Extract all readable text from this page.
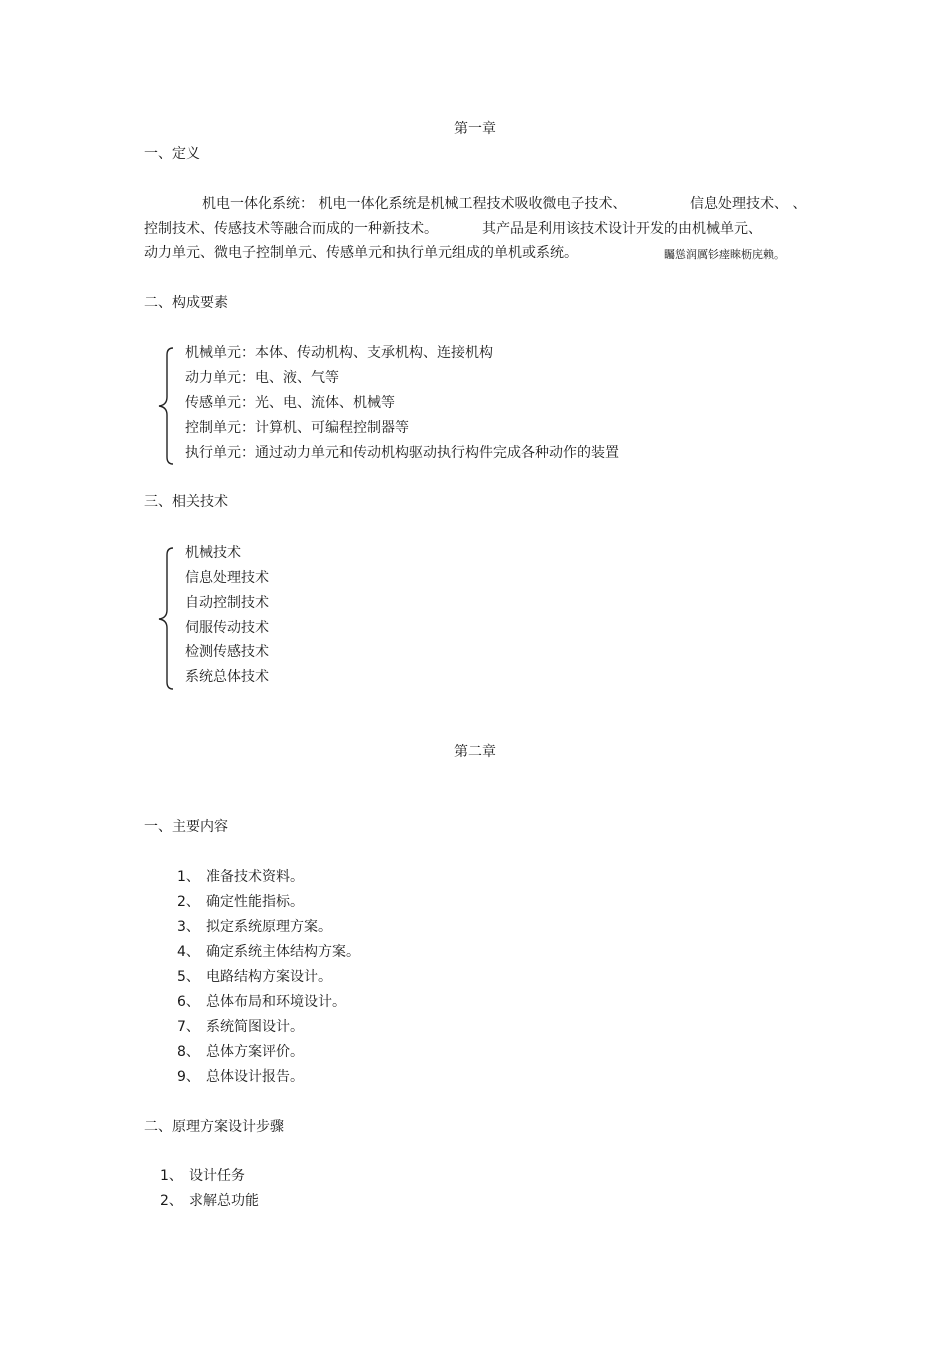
第一章
一、定义
机电一体化系统： 机电一体化系统是机械工程技术吸收微电子技术、	信息处理技术、 、
控制技术、传感技术等融合而成的一种新技术。	其产品是利用该技术设计开发的由机械单元、
动力单元、微电子控制单元、传感单元和执行单元组成的单机或系统。	矚慫润厲钐瘗睞枥庑赖。
二、构成要素
机械单元：本体、传动机构、支承机构、连接机构
动力单元：电、液、气等
传感单元：光、电、流体、机械等
控制单元：计算机、可编程控制器等
执行单元：通过动力单元和传动机构驱动执行构件完成各种动作的装置
三、相关技术
机械技术
信息处理技术
自动控制技术
伺服传动技术
检测传感技术
系统总体技术
第二章
一、主要内容
1、 准备技术资料。
2、 确定性能指标。
3、 拟定系统原理方案。
4、 确定系统主体结构方案。
5、 电路结构方案设计。
6、 总体布局和环境设计。
7、 系统简图设计。
8、 总体方案评价。
9、 总体设计报告。
二、原理方案设计步骤
1、 设计任务
2、 求解总功能
